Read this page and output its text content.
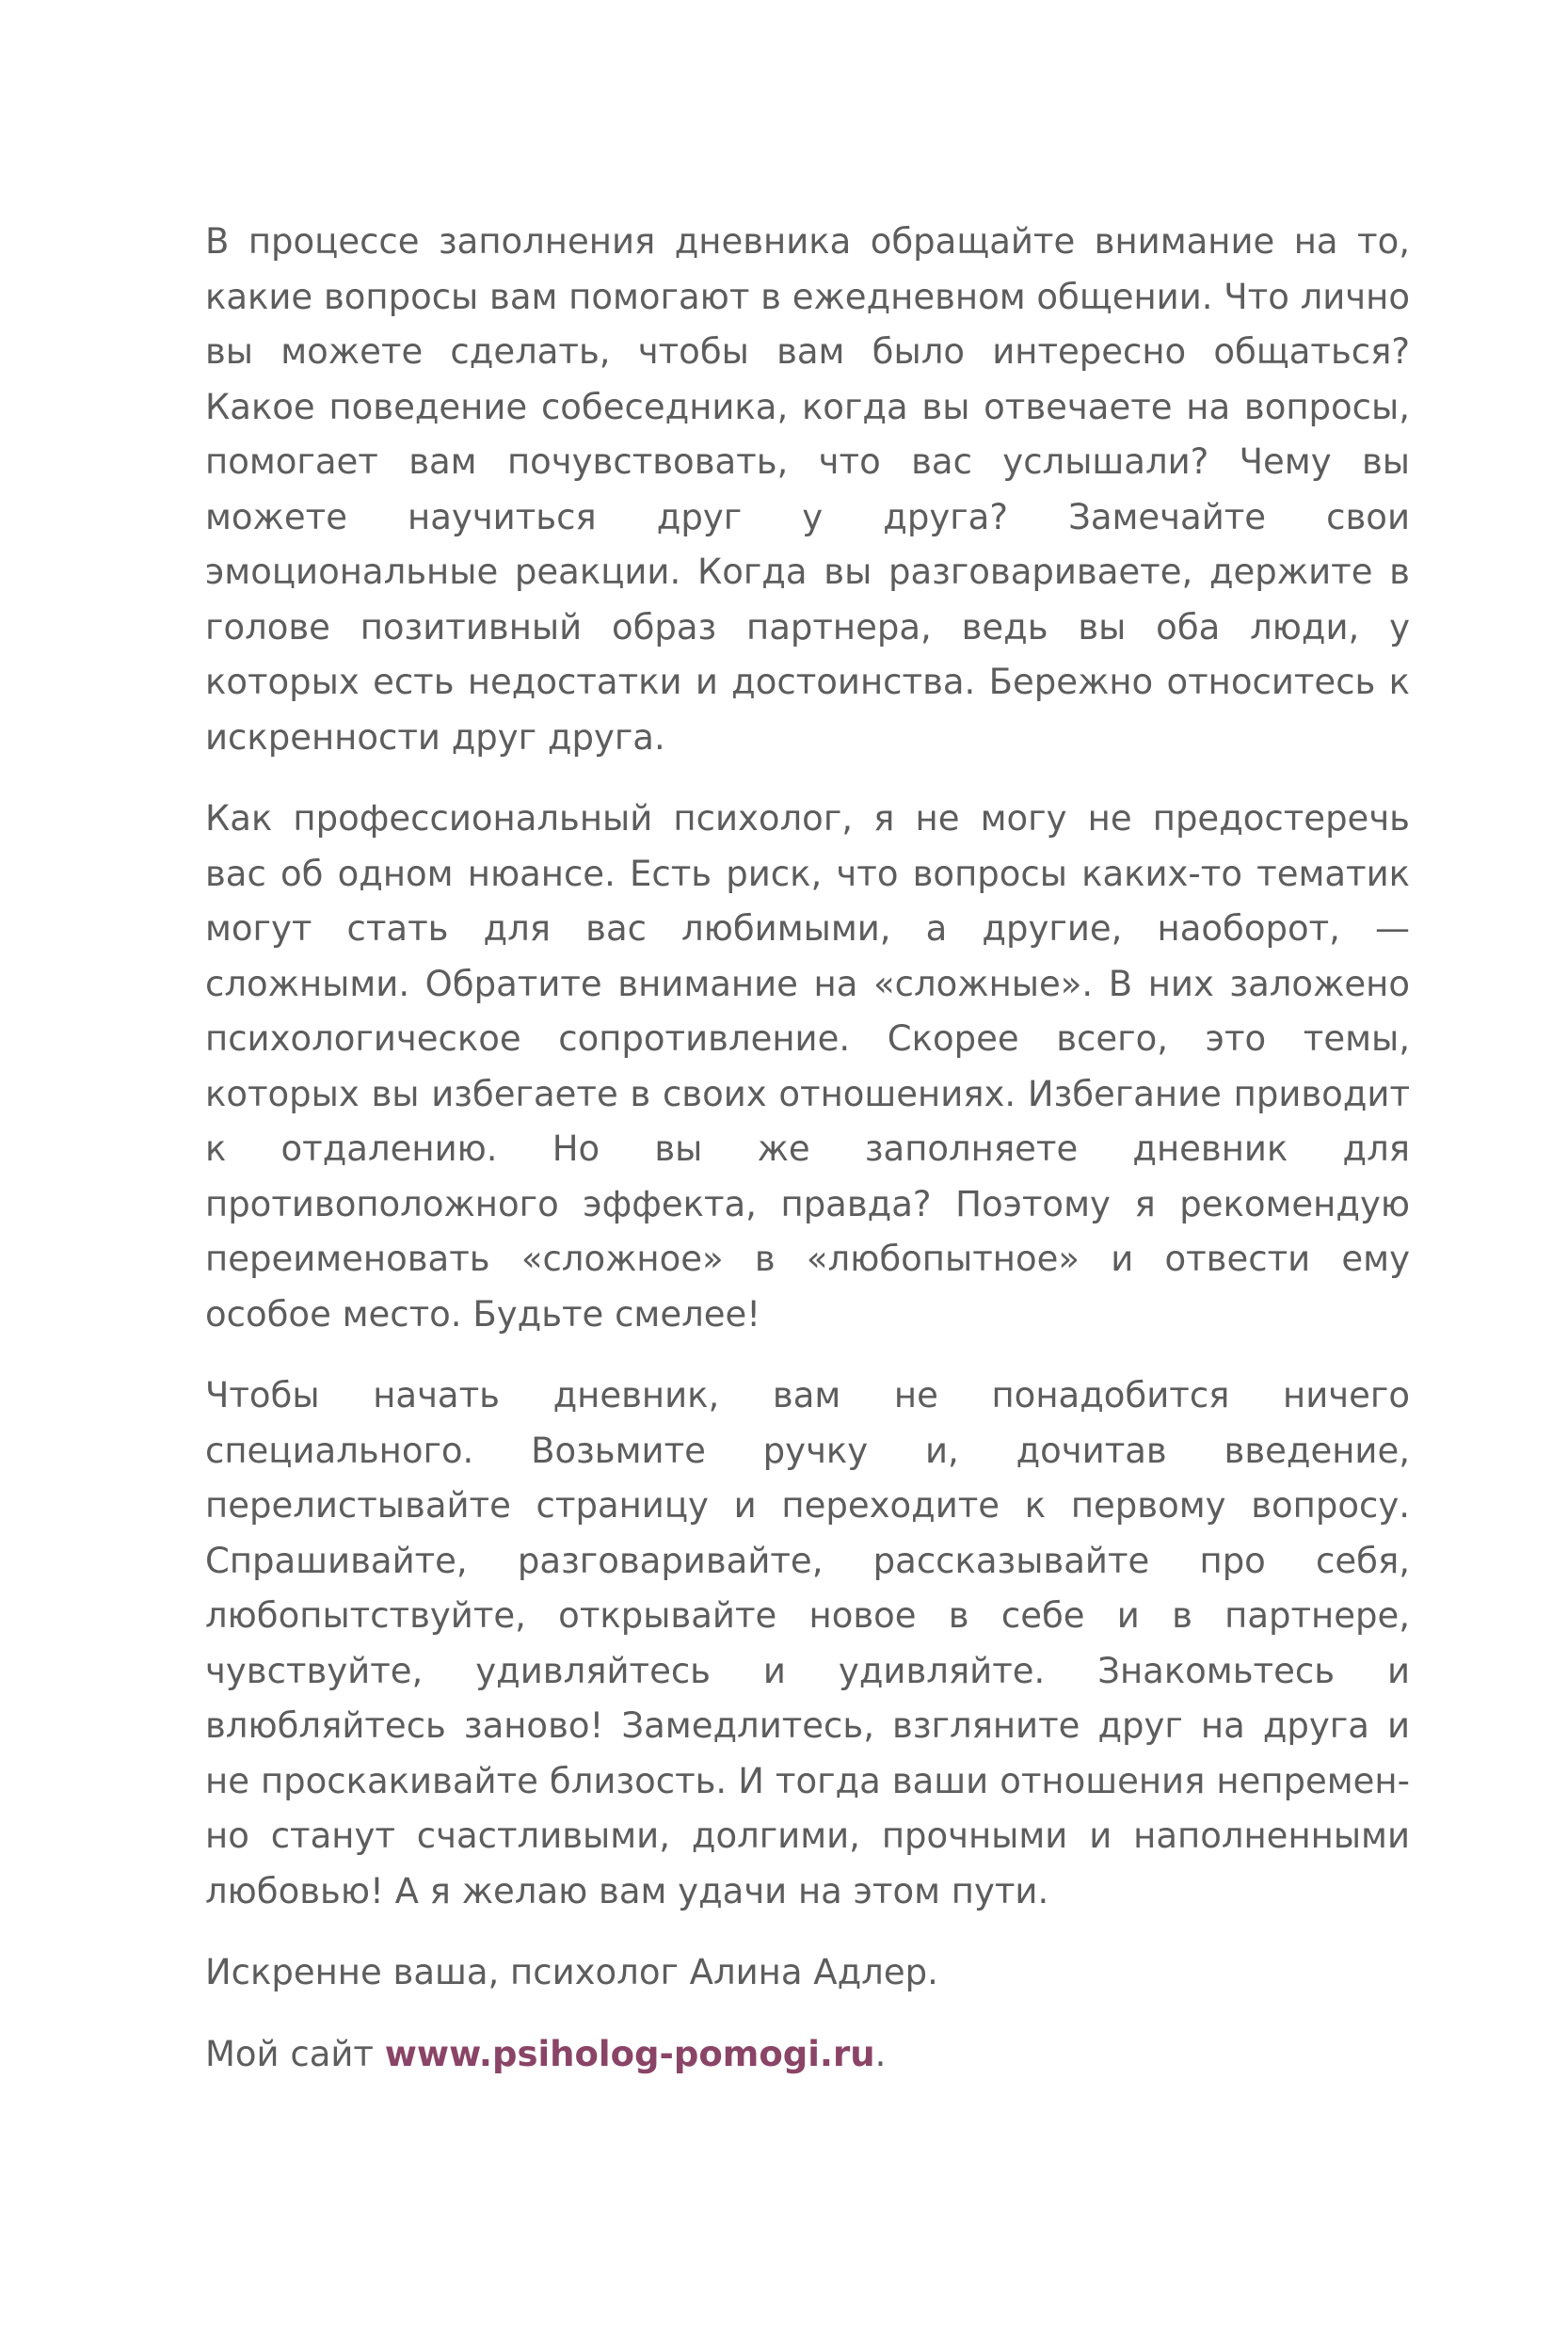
В процессе заполнения дневника обращайте внимание на то, какие вопросы вам помогают в ежедневном общении. Что лично вы можете сделать, чтобы вам было интересно общаться? Какое поведение собеседника, когда вы отвечаете на вопросы, помогает вам почувствовать, что вас услышали? Чему вы можете научиться друг у друга? Замечайте свои эмоциональные реакции. Когда вы разговариваете, держите в голове позитивный образ партнера, ведь вы оба люди, у которых есть недостатки и достоинства. Бережно относитесь к искренности друг друга.

Как профессиональный психолог, я не могу не предостеречь вас об одном нюансе. Есть риск, что вопросы каких-то тематик могут стать для вас любимыми, а другие, наоборот, — сложными. Обратите внимание на «сложные». В них заложено психологическое сопротивление. Скорее всего, это темы, которых вы избегаете в своих отношениях. Избегание приводит к отдалению. Но вы же заполняете дневник для противоположного эффекта, правда? Поэтому я рекомендую переименовать «сложное» в «любопытное» и отвести ему особое место. Будьте смелее!

Чтобы начать дневник, вам не понадобится ничего специального. Возьмите ручку и, дочитав введение, перелистывайте страницу и переходите к первому вопросу. Спрашивайте, разговаривайте, рассказывайте про себя, любопытствуйте, открывайте новое в себе и в партнере, чувствуйте, удивляйтесь и удивляйте. Знакомьтесь и влюбляйтесь заново! Замедлитесь, взгляните друг на друга и не проскакивайте близость. И тогда ваши отношения непременно станут счастливыми, долгими, прочными и наполненными любовью! А я желаю вам удачи на этом пути.

Искренне ваша, психолог Алина Адлер.

Мой сайт www.psiholog-pomogi.ru.
